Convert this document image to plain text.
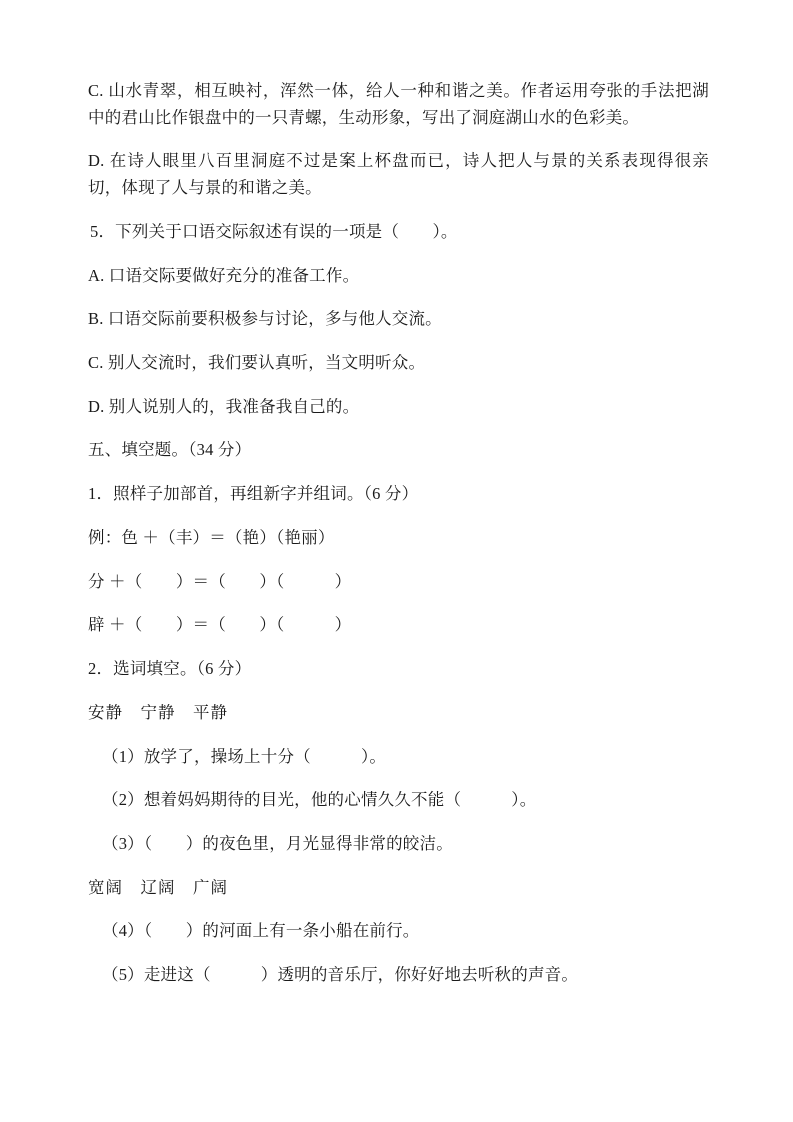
C. 山水青翠，相互映衬，浑然一体，给人一种和谐之美。作者运用夸张的手法把湖中的君山比作银盘中的一只青螺，生动形象，写出了洞庭湖山水的色彩美。

D. 在诗人眼里八百里洞庭不过是案上杯盘而已，诗人把人与景的关系表现得很亲切，体现了人与景的和谐之美。

5．下列关于口语交际叙述有误的一项是（　　）。

A. 口语交际要做好充分的准备工作。

B. 口语交际前要积极参与讨论，多与他人交流。

C. 别人交流时，我们要认真听，当文明听众。

D. 别人说别人的，我准备我自己的。

五、填空题。（34 分）

1．照样子加部首，再组新字并组词。（6 分）

例：色 ＋（丰）＝（艳）（艳丽）

分 ＋（　　）＝（　　）（　　　）

辟 ＋（　　）＝（　　）（　　　）

2．选词填空。（6 分）

安静　宁静　平静

（1）放学了，操场上十分（　　　）。

（2）想着妈妈期待的目光，他的心情久久不能（　　　）。

（3）（　　）的夜色里，月光显得非常的皎洁。

宽阔　辽阔　广阔

（4）（　　）的河面上有一条小船在前行。

（5）走进这（　　　）透明的音乐厅，你好好地去听秋的声音。
